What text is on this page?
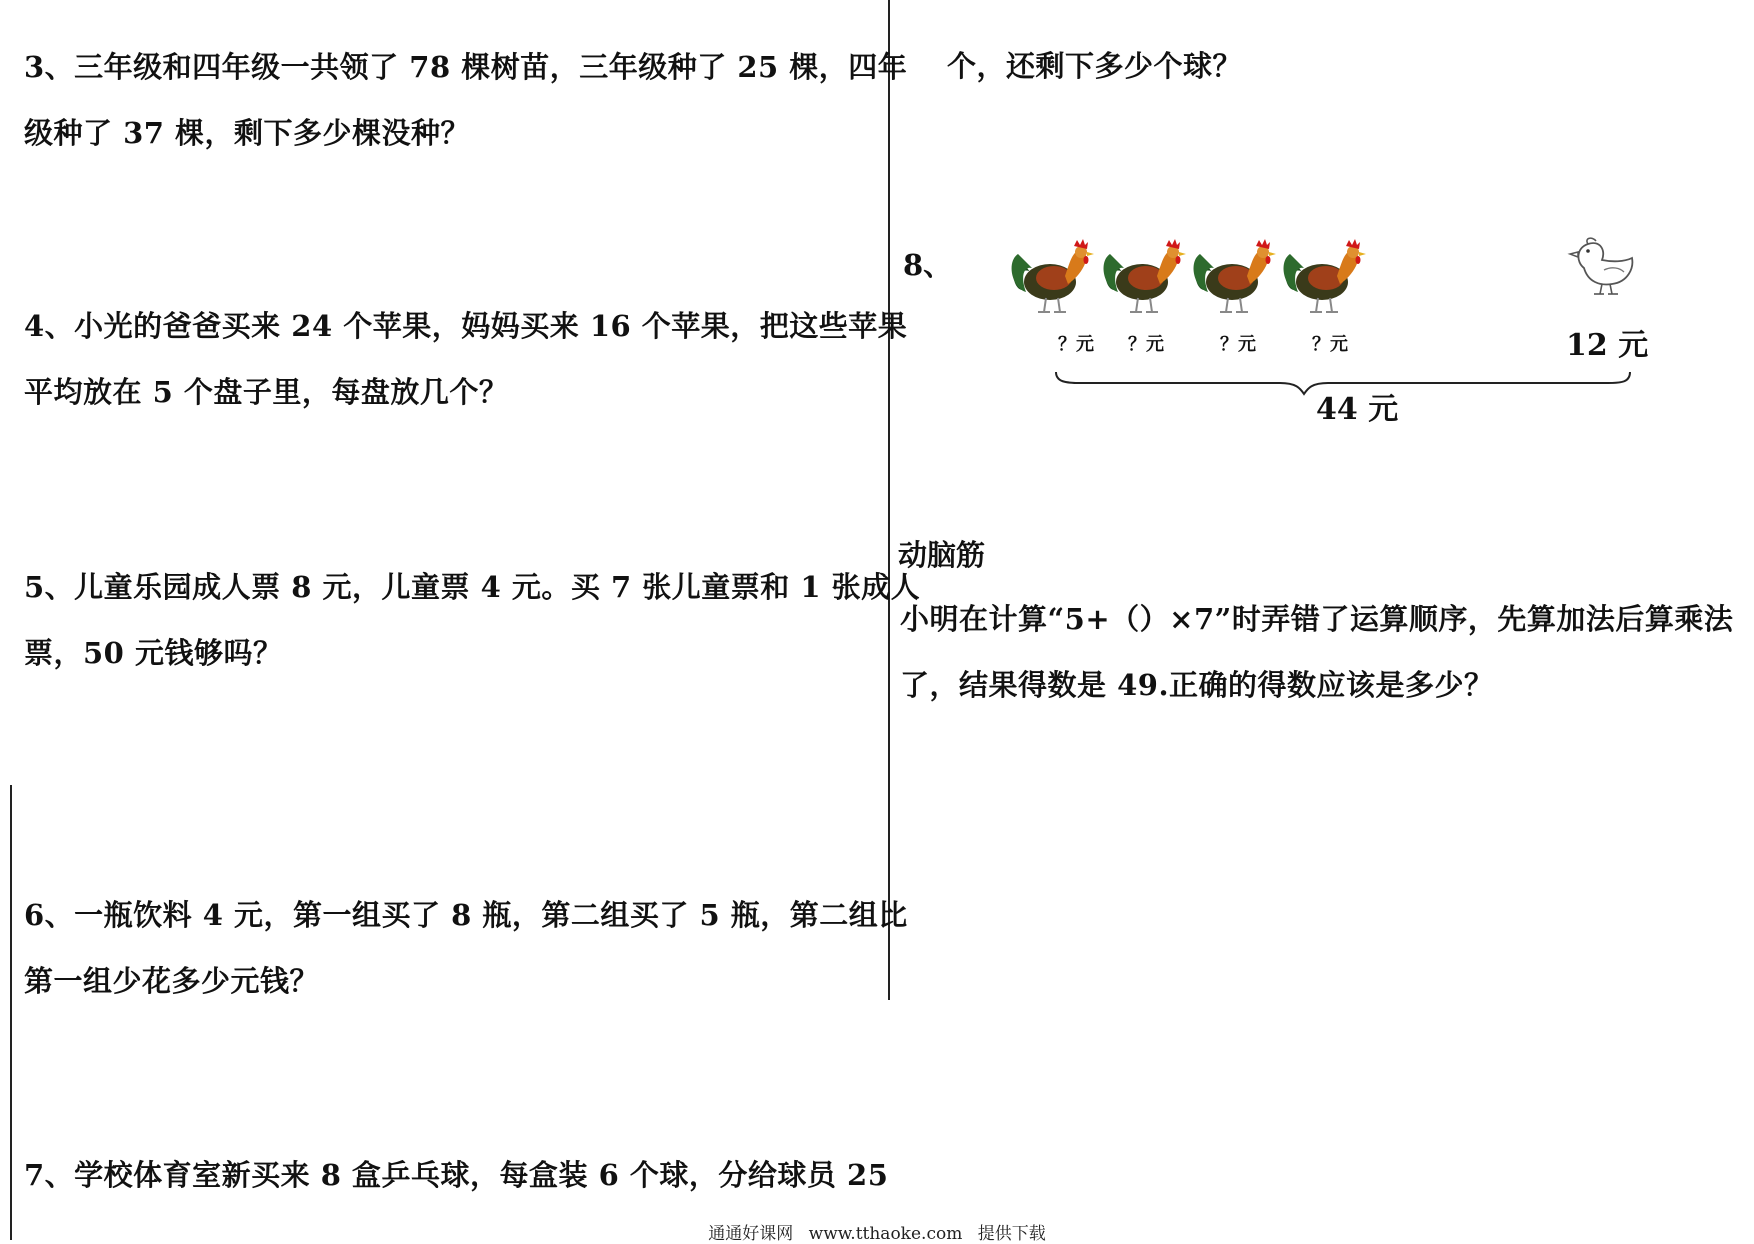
3、三年级和四年级一共领了 78 棵树苗，三年级种了 25 棵，四年

级种了 37 棵，剩下多少棵没种？

4、小光的爸爸买来 24 个苹果，妈妈买来 16 个苹果，把这些苹果

平均放在 5 个盘子里，每盘放几个？

5、儿童乐园成人票 8 元，儿童票 4 元。买 7 张儿童票和 1 张成人

票，50 元钱够吗？

6、一瓶饮料 4 元，第一组买了 8 瓶，第二组买了 5 瓶，第二组比

第一组少花多少元钱？

7、学校体育室新买来 8 盒乒乓球，每盒装 6 个球，分给球员 25

个，还剩下多少个球？

8、
？元 ？元	？元	？元	12 元
44 元
动脑筋

小明在计算“5+（）×7”时弄错了运算顺序，先算加法后算乘法

了，结果得数是 49.正确的得数应该是多少？

通通好课网 www.tthaoke.com 提供下载
